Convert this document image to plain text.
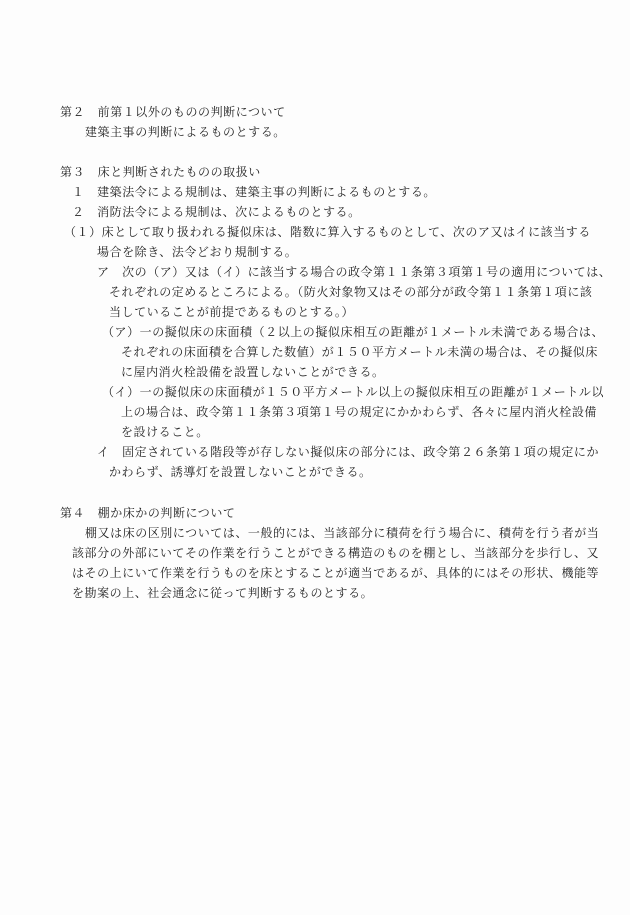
第２　前第１以外のものの判断について
建築主事の判断によるものとする。
第３　床と判断されたものの取扱い
１　建築法令による規制は、建築主事の判断によるものとする。
２　消防法令による規制は、次によるものとする。
（１）床として取り扱われる擬似床は、階数に算入するものとして、次のア又はイに該当する
場合を除き、法令どおり規制する。
ア　次の（ア）又は（イ）に該当する場合の政令第１１条第３項第１号の適用については、
それぞれの定めるところによる。（防火対象物又はその部分が政令第１１条第１項に該
当していることが前提であるものとする。）
（ア）一の擬似床の床面積（２以上の擬似床相互の距離が１メートル未満である場合は、
それぞれの床面積を合算した数値）が１５０平方メートル未満の場合は、その擬似床
に屋内消火栓設備を設置しないことができる。
（イ）一の擬似床の床面積が１５０平方メートル以上の擬似床相互の距離が１メートル以
上の場合は、政令第１１条第３項第１号の規定にかかわらず、各々に屋内消火栓設備
を設けること。
イ　固定されている階段等が存しない擬似床の部分には、政令第２６条第１項の規定にか
かわらず、誘導灯を設置しないことができる。
第４　棚か床かの判断について
棚又は床の区別については、一般的には、当該部分に積荷を行う場合に、積荷を行う者が当
該部分の外部にいてその作業を行うことができる構造のものを棚とし、当該部分を歩行し、又
はその上にいて作業を行うものを床とすることが適当であるが、具体的にはその形状、機能等
を勘案の上、社会通念に従って判断するものとする。
